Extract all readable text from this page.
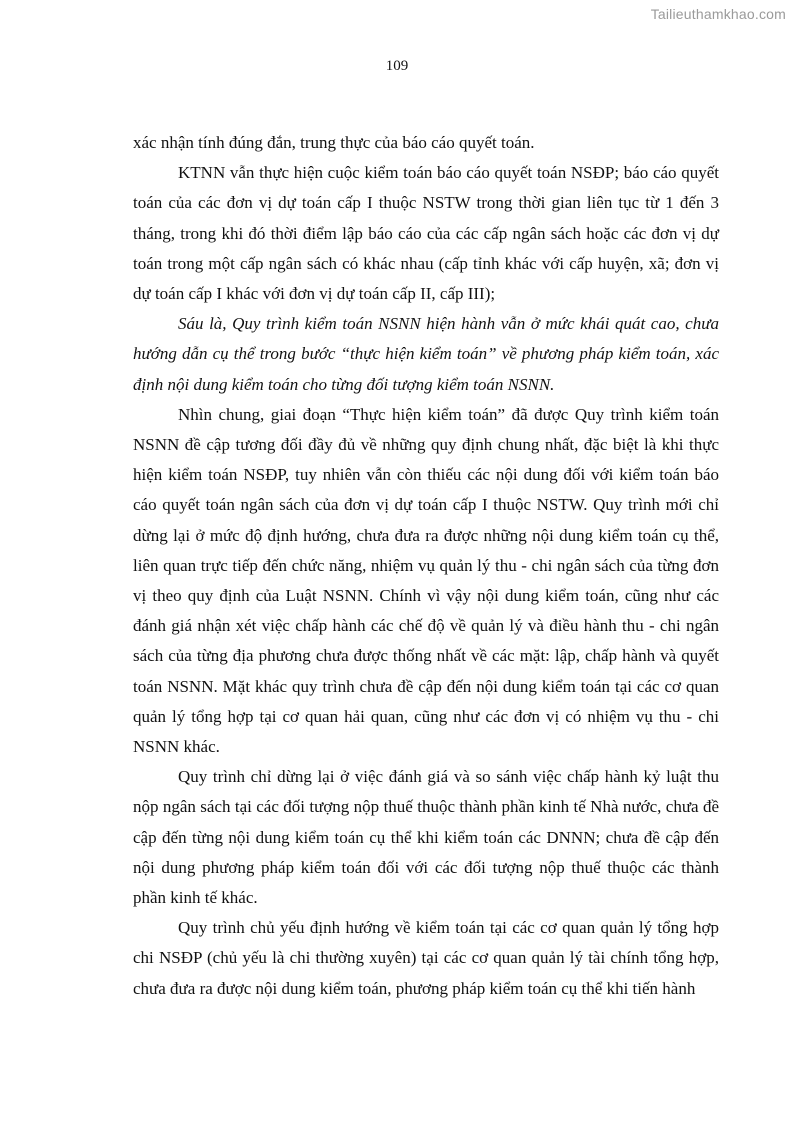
Tailieuthamkhao.com
109

xác nhận tính đúng đắn, trung thực của báo cáo quyết toán.

KTNN vẫn thực hiện cuộc kiểm toán báo cáo quyết toán NSĐP; báo cáo quyết toán của các đơn vị dự toán cấp I thuộc NSTW trong thời gian liên tục từ 1 đến 3 tháng, trong khi đó thời điểm lập báo cáo của các cấp ngân sách hoặc các đơn vị dự toán trong một cấp ngân sách có khác nhau (cấp tỉnh khác với cấp huyện, xã; đơn vị dự toán cấp I khác với đơn vị dự toán cấp II, cấp III);

Sáu là, Quy trình kiểm toán NSNN hiện hành vẫn ở mức khái quát cao, chưa hướng dẫn cụ thể trong bước “thực hiện kiểm toán” về phương pháp kiểm toán, xác định nội dung kiểm toán cho từng đối tượng kiểm toán NSNN.

Nhìn chung, giai đoạn “Thực hiện kiểm toán” đã được Quy trình kiểm toán NSNN đề cập tương đối đầy đủ về những quy định chung nhất, đặc biệt là khi thực hiện kiểm toán NSĐP, tuy nhiên vẫn còn thiếu các nội dung đối với kiểm toán báo cáo quyết toán ngân sách của đơn vị dự toán cấp I thuộc NSTW. Quy trình mới chỉ dừng lại ở mức độ định hướng, chưa đưa ra được những nội dung kiểm toán cụ thể, liên quan trực tiếp đến chức năng, nhiệm vụ quản lý thu - chi ngân sách của từng đơn vị theo quy định của Luật NSNN. Chính vì vậy nội dung kiểm toán, cũng như các đánh giá nhận xét việc chấp hành các chế độ về quản lý và điều hành thu - chi ngân sách của từng địa phương chưa được thống nhất về các mặt: lập, chấp hành và quyết toán NSNN. Mặt khác quy trình chưa đề cập đến nội dung kiểm toán tại các cơ quan quản lý tổng hợp tại cơ quan hải quan, cũng như các đơn vị có nhiệm vụ thu - chi NSNN khác.

Quy trình chỉ dừng lại ở việc đánh giá và so sánh việc chấp hành kỷ luật thu nộp ngân sách tại các đối tượng nộp thuế thuộc thành phần kinh tế Nhà nước, chưa đề cập đến từng nội dung kiểm toán cụ thể khi kiểm toán các DNNN; chưa đề cập đến nội dung phương pháp kiểm toán đối với các đối tượng nộp thuế thuộc các thành phần kinh tế khác.

Quy trình chủ yếu định hướng về kiểm toán tại các cơ quan quản lý tổng hợp chi NSĐP (chủ yếu là chi thường xuyên) tại các cơ quan quản lý tài chính tổng hợp, chưa đưa ra được nội dung kiểm toán, phương pháp kiểm toán cụ thể khi tiến hành
